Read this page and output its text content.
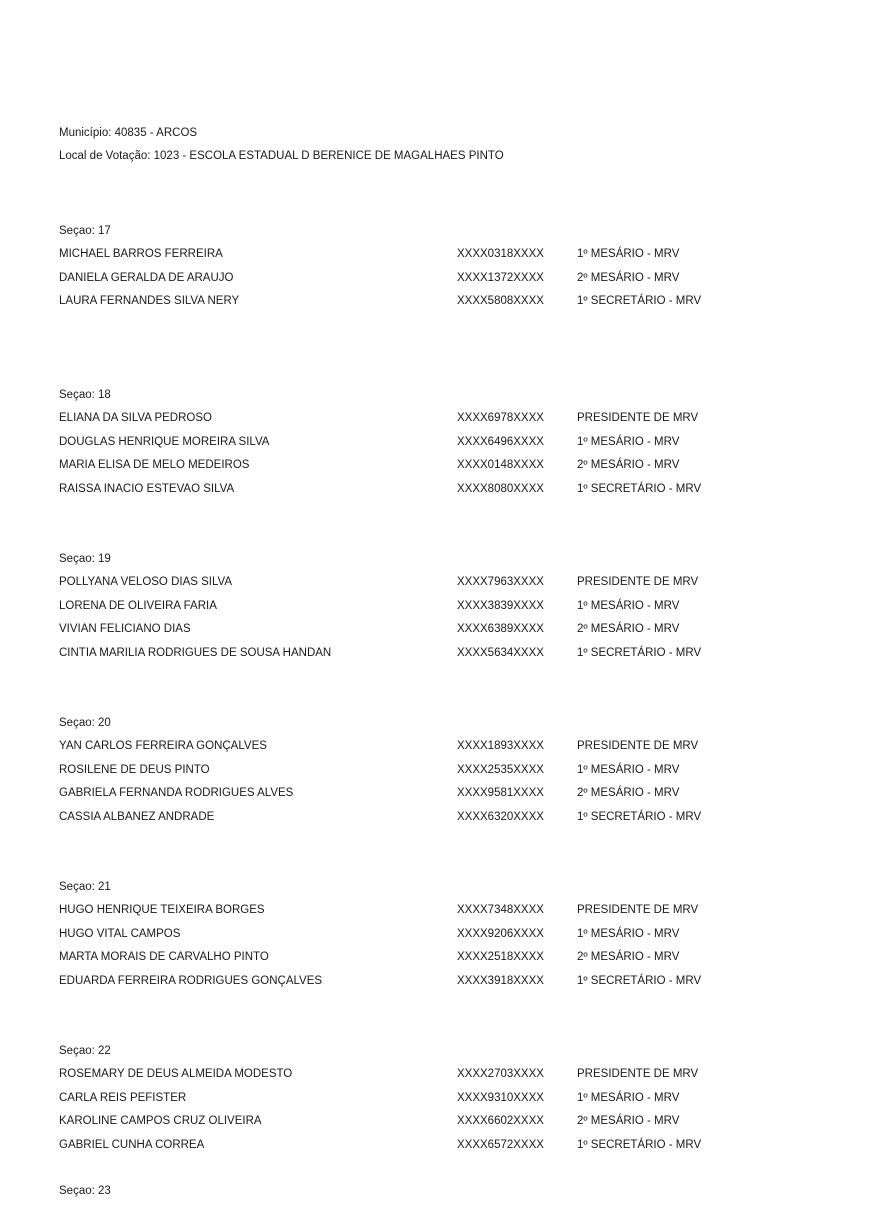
Município: 40835 - ARCOS
Local de Votação: 1023 - ESCOLA ESTADUAL D BERENICE DE MAGALHAES PINTO
Seçao: 17
MICHAEL BARROS FERREIRA	XXXX0318XXXX	1º MESÁRIO - MRV
DANIELA GERALDA DE ARAUJO	XXXX1372XXXX	2º MESÁRIO - MRV
LAURA FERNANDES SILVA NERY	XXXX5808XXXX	1º SECRETÁRIO - MRV
Seçao: 18
ELIANA DA SILVA PEDROSO	XXXX6978XXXX	PRESIDENTE DE MRV
DOUGLAS HENRIQUE MOREIRA SILVA	XXXX6496XXXX	1º MESÁRIO - MRV
MARIA ELISA DE MELO MEDEIROS	XXXX0148XXXX	2º MESÁRIO - MRV
RAISSA INACIO ESTEVAO SILVA	XXXX8080XXXX	1º SECRETÁRIO - MRV
Seçao: 19
POLLYANA VELOSO DIAS SILVA	XXXX7963XXXX	PRESIDENTE DE MRV
LORENA DE OLIVEIRA FARIA	XXXX3839XXXX	1º MESÁRIO - MRV
VIVIAN FELICIANO DIAS	XXXX6389XXXX	2º MESÁRIO - MRV
CINTIA MARILIA RODRIGUES DE SOUSA HANDAN	XXXX5634XXXX	1º SECRETÁRIO - MRV
Seçao: 20
YAN CARLOS FERREIRA GONÇALVES	XXXX1893XXXX	PRESIDENTE DE MRV
ROSILENE DE DEUS PINTO	XXXX2535XXXX	1º MESÁRIO - MRV
GABRIELA FERNANDA RODRIGUES ALVES	XXXX9581XXXX	2º MESÁRIO - MRV
CASSIA ALBANEZ ANDRADE	XXXX6320XXXX	1º SECRETÁRIO - MRV
Seçao: 21
HUGO HENRIQUE TEIXEIRA BORGES	XXXX7348XXXX	PRESIDENTE DE MRV
HUGO VITAL CAMPOS	XXXX9206XXXX	1º MESÁRIO - MRV
MARTA MORAIS DE CARVALHO PINTO	XXXX2518XXXX	2º MESÁRIO - MRV
EDUARDA FERREIRA RODRIGUES GONÇALVES	XXXX3918XXXX	1º SECRETÁRIO - MRV
Seçao: 22
ROSEMARY DE DEUS ALMEIDA MODESTO	XXXX2703XXXX	PRESIDENTE DE MRV
CARLA REIS PEFISTER	XXXX9310XXXX	1º MESÁRIO - MRV
KAROLINE CAMPOS CRUZ OLIVEIRA	XXXX6602XXXX	2º MESÁRIO - MRV
GABRIEL CUNHA CORREA	XXXX6572XXXX	1º SECRETÁRIO - MRV
Seçao: 23
